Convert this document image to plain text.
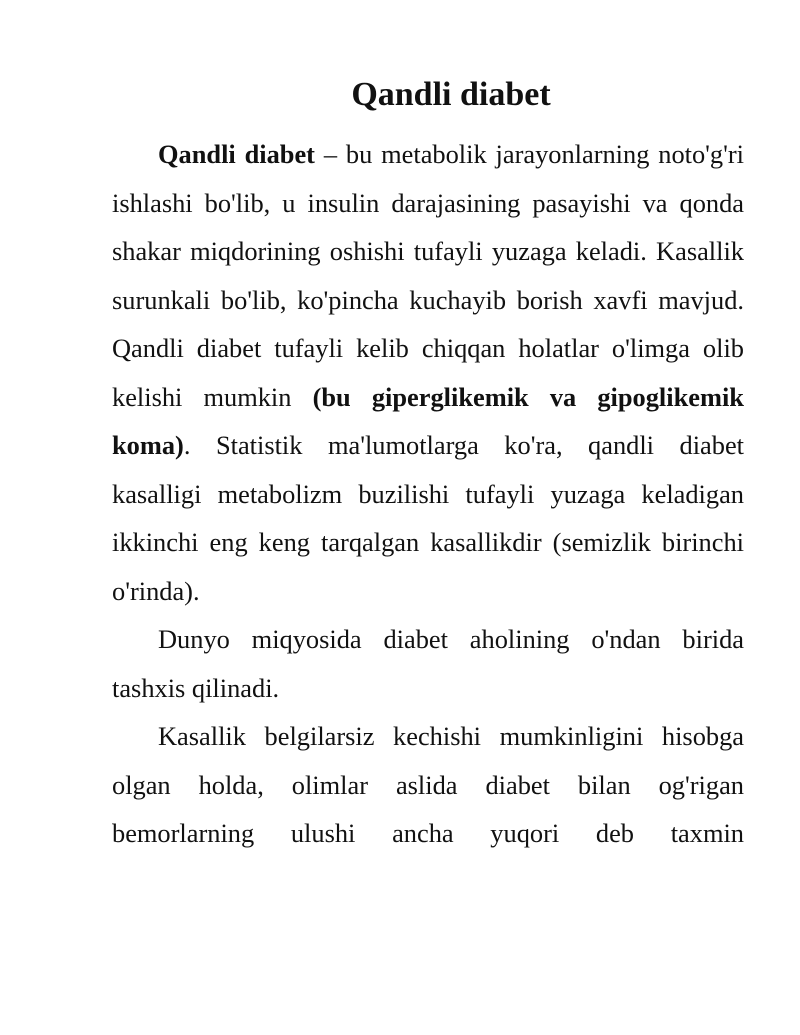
Qandli diabet

Qandli diabet – bu metabolik jarayonlarning noto'g'ri ishlashi bo'lib, u insulin darajasining pasayishi va qonda shakar miqdorining oshishi tufayli yuzaga keladi. Kasallik surunkali bo'lib, ko'pincha kuchayib borish xavfi mavjud. Qandli diabet tufayli kelib chiqqan holatlar o'limga olib kelishi mumkin (bu giperglikemik va gipoglikemik koma). Statistik ma'lumotlarga ko'ra, qandli diabet kasalligi metabolizm buzilishi tufayli yuzaga keladigan ikkinchi eng keng tarqalgan kasallikdir (semizlik birinchi o'rinda).

Dunyo miqyosida diabet aholining o'ndan birida tashxis qilinadi.

Kasallik belgilarsiz kechishi mumkinligini hisobga olgan holda, olimlar aslida diabet bilan og'rigan bemorlarning ulushi ancha yuqori deb taxmin
